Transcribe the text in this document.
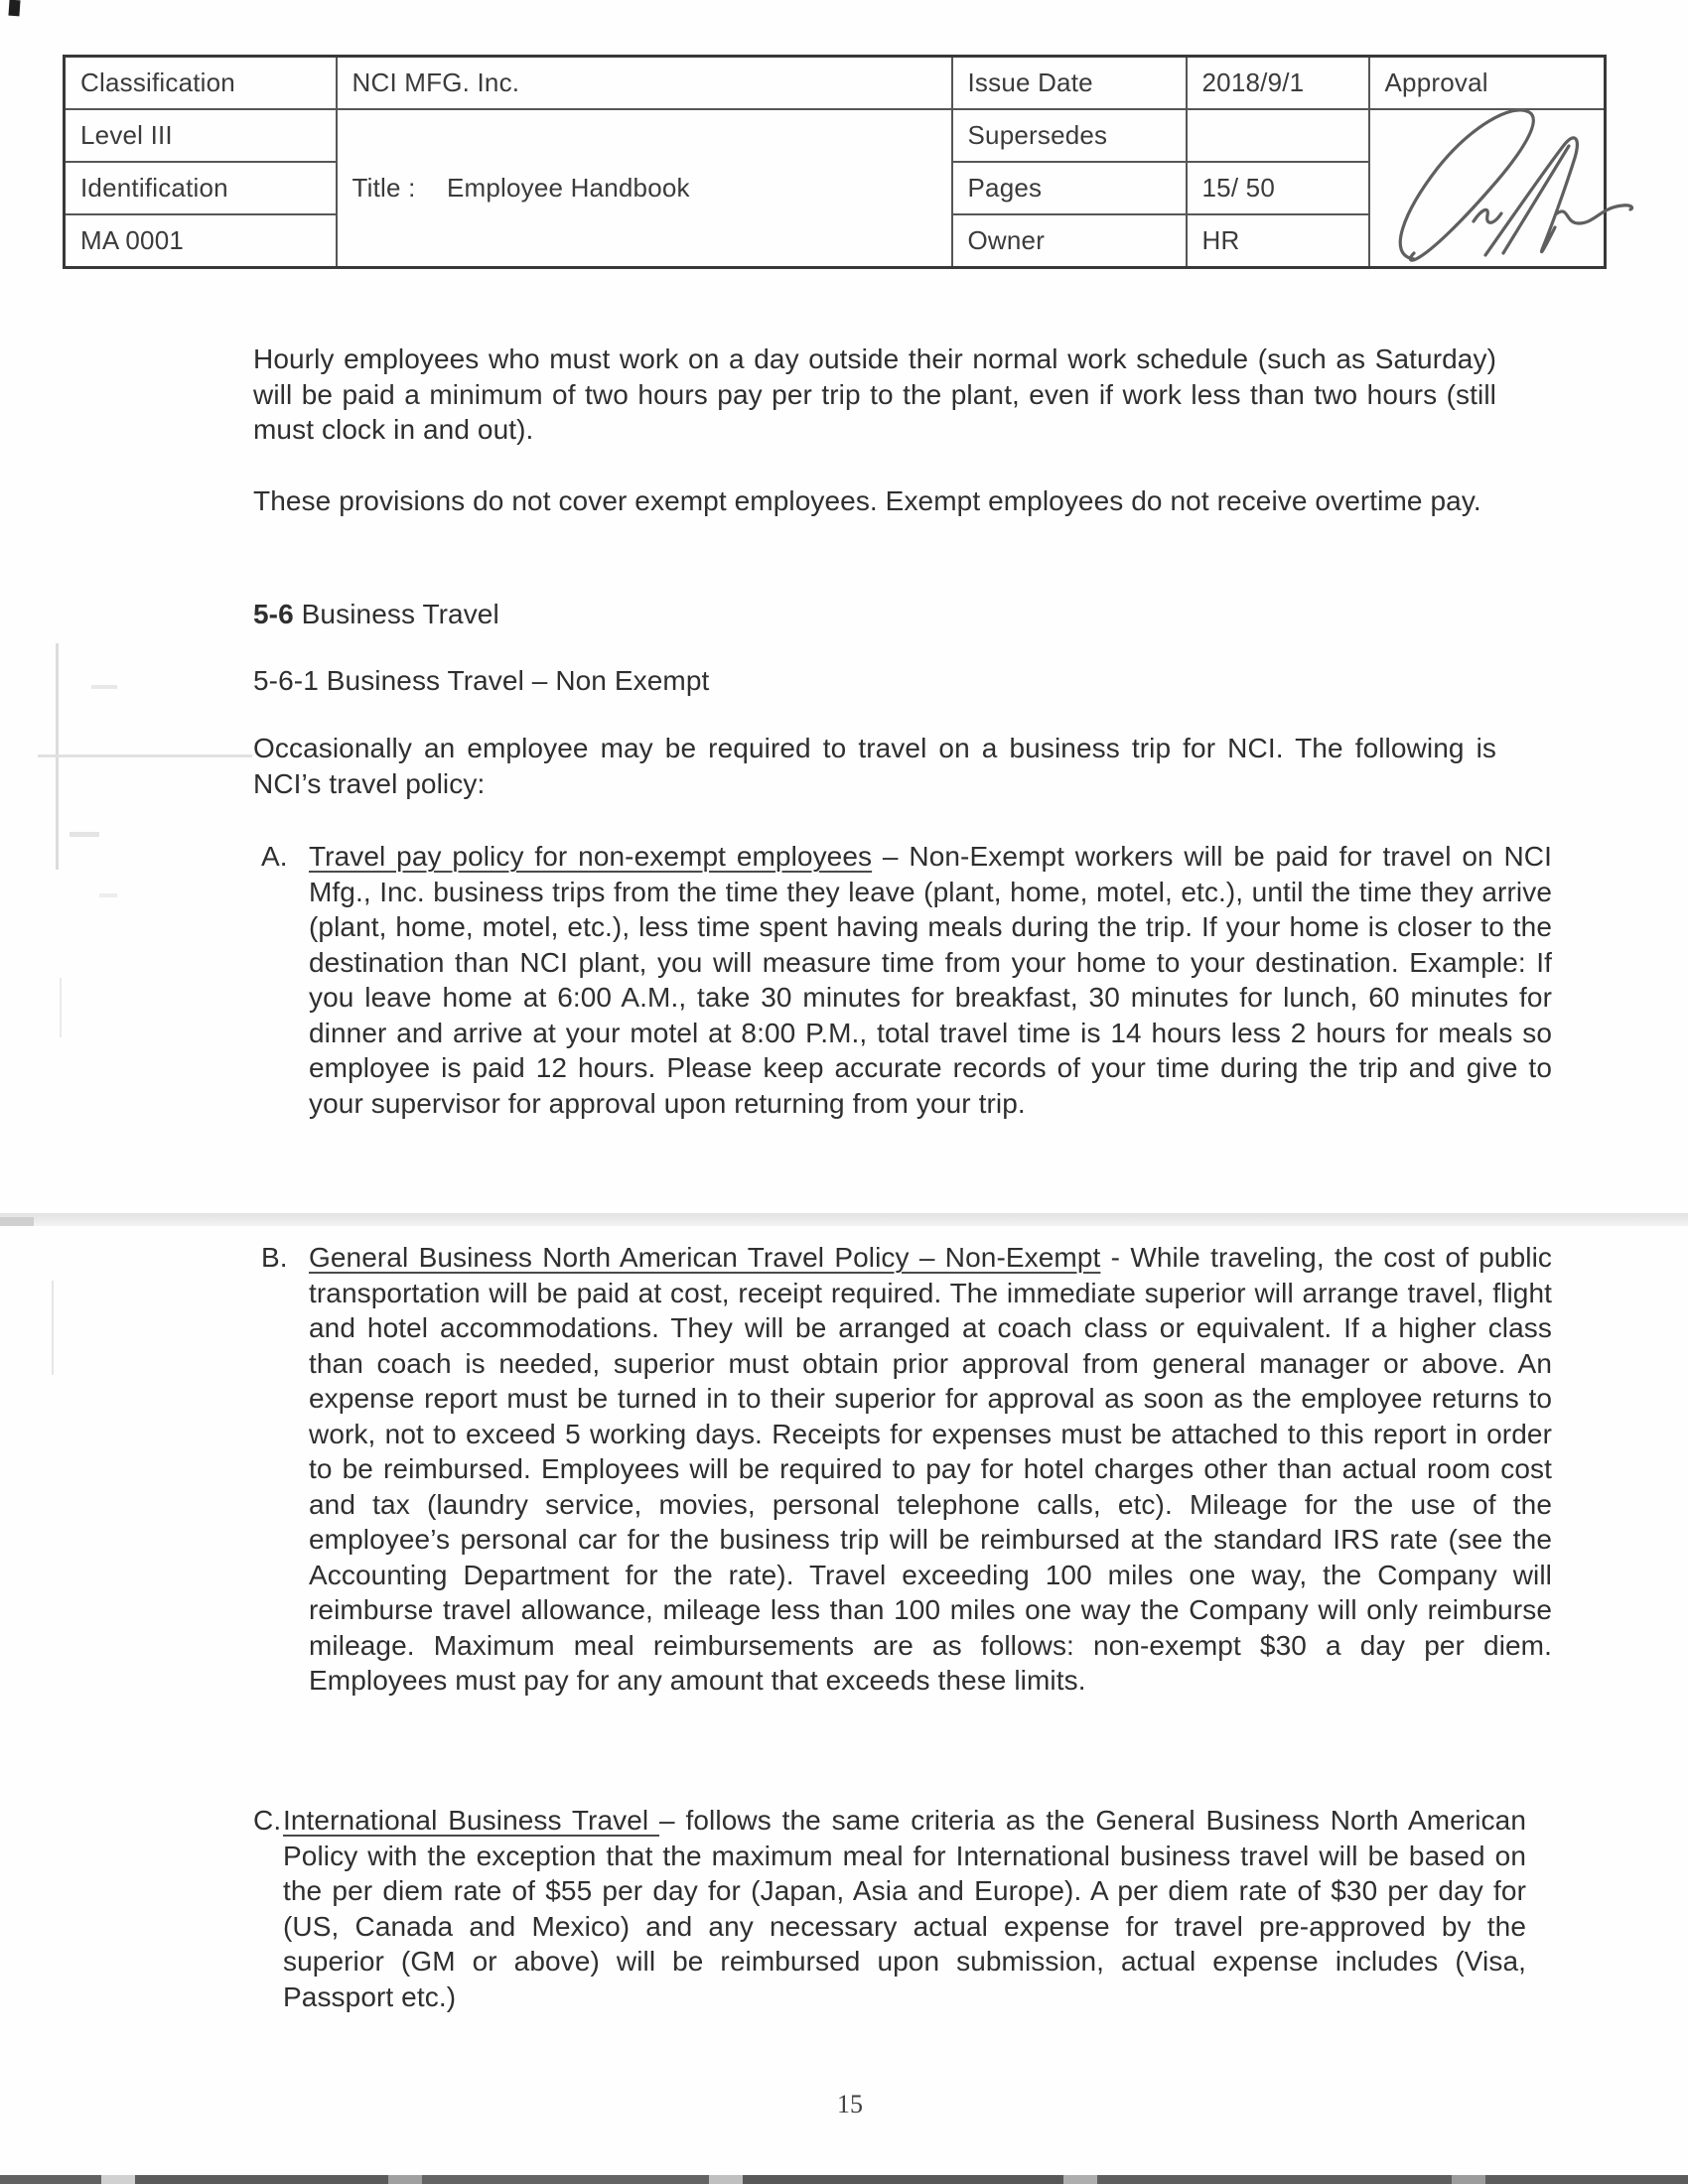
Classification	NCI MFG. Inc.	Issue Date	2018/9/1	Approval
Level III	Title : Employee Handbook	Supersedes		

Identification		Pages	15/ 50	
MA 0001		Owner	HR	
Hourly employees who must work on a day outside their normal work schedule (such as Saturday) will be paid a minimum of two hours pay per trip to the plant, even if work less than two hours (still must clock in and out).
These provisions do not cover exempt employees. Exempt employees do not receive overtime pay.
5-6 Business Travel
5-6-1 Business Travel – Non Exempt
Occasionally an employee may be required to travel on a business trip for NCI. The following is NCI’s travel policy:
A. Travel pay policy for non-exempt employees – Non-Exempt workers will be paid for travel on NCI Mfg., Inc. business trips from the time they leave (plant, home, motel, etc.), until the time they arrive (plant, home, motel, etc.), less time spent having meals during the trip. If your home is closer to the destination than NCI plant, you will measure time from your home to your destination. Example: If you leave home at 6:00 A.M., take 30 minutes for breakfast, 30 minutes for lunch, 60 minutes for dinner and arrive at your motel at 8:00 P.M., total travel time is 14 hours less 2 hours for meals so employee is paid 12 hours. Please keep accurate records of your time during the trip and give to your supervisor for approval upon returning from your trip.
B. General Business North American Travel Policy – Non-Exempt - While traveling, the cost of public transportation will be paid at cost, receipt required. The immediate superior will arrange travel, flight and hotel accommodations. They will be arranged at coach class or equivalent. If a higher class than coach is needed, superior must obtain prior approval from general manager or above. An expense report must be turned in to their superior for approval as soon as the employee returns to work, not to exceed 5 working days. Receipts for expenses must be attached to this report in order to be reimbursed. Employees will be required to pay for hotel charges other than actual room cost and tax (laundry service, movies, personal telephone calls, etc). Mileage for the use of the employee’s personal car for the business trip will be reimbursed at the standard IRS rate (see the Accounting Department for the rate). Travel exceeding 100 miles one way, the Company will reimburse travel allowance, mileage less than 100 miles one way the Company will only reimburse mileage. Maximum meal reimbursements are as follows: non-exempt $30 a day per diem. Employees must pay for any amount that exceeds these limits.
C. International Business Travel – follows the same criteria as the General Business North American Policy with the exception that the maximum meal for International business travel will be based on the per diem rate of $55 per day for (Japan, Asia and Europe). A per diem rate of $30 per day for (US, Canada and Mexico) and any necessary actual expense for travel pre-approved by the superior (GM or above) will be reimbursed upon submission, actual expense includes (Visa, Passport etc.)
15
